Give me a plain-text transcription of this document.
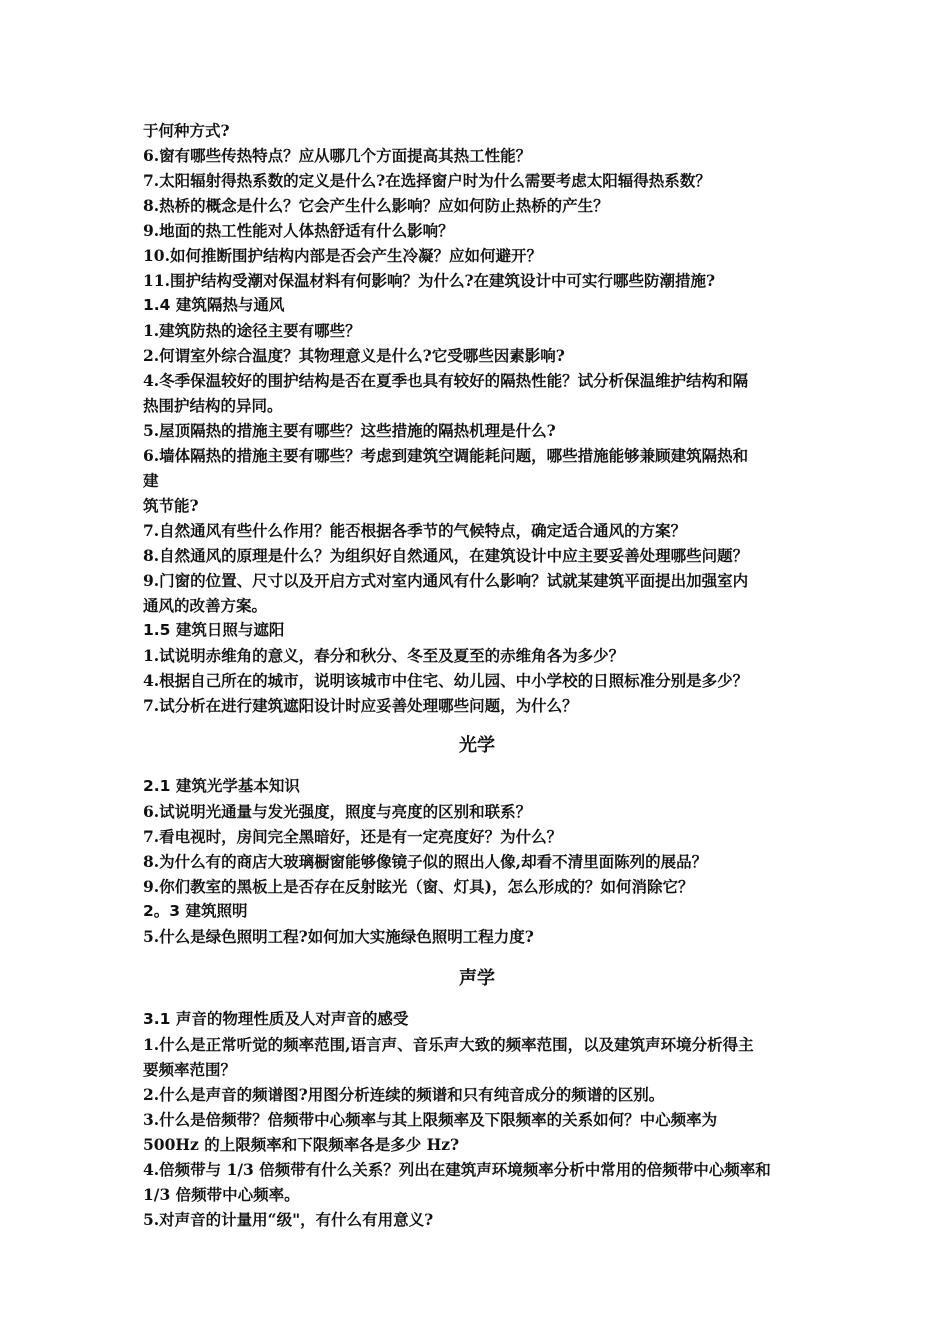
于何种方式?
6.窗有哪些传热特点？应从哪几个方面提高其热工性能？
7.太阳辐射得热系数的定义是什么?在选择窗户时为什么需要考虑太阳辐得热系数？
8.热桥的概念是什么？它会产生什么影响？应如何防止热桥的产生？
9.地面的热工性能对人体热舒适有什么影响？
10.如何推断围护结构内部是否会产生冷凝？应如何避开？
11.围护结构受潮对保温材料有何影响？为什么?在建筑设计中可实行哪些防潮措施?
1.4 建筑隔热与通风
1.建筑防热的途径主要有哪些？
2.何谓室外综合温度？其物理意义是什么?它受哪些因素影响?
4.冬季保温较好的围护结构是否在夏季也具有较好的隔热性能？试分析保温维护结构和隔
热围护结构的异同。
5.屋顶隔热的措施主要有哪些？这些措施的隔热机理是什么?
6.墙体隔热的措施主要有哪些？考虑到建筑空调能耗问题，哪些措施能够兼顾建筑隔热和
建
筑节能?
7.自然通风有些什么作用？能否根据各季节的气候特点，确定适合通风的方案？
8.自然通风的原理是什么？为组织好自然通风，在建筑设计中应主要妥善处理哪些问题？
9.门窗的位置、尺寸以及开启方式对室内通风有什么影响？试就某建筑平面提出加强室内
通风的改善方案。
1.5 建筑日照与遮阳
1.试说明赤维角的意义，春分和秋分、冬至及夏至的赤维角各为多少？
4.根据自己所在的城市，说明该城市中住宅、幼儿园、中小学校的日照标准分别是多少？
7.试分析在进行建筑遮阳设计时应妥善处理哪些问题，为什么？
光学
2.1 建筑光学基本知识
6.试说明光通量与发光强度，照度与亮度的区别和联系？
7.看电视时，房间完全黑暗好，还是有一定亮度好？为什么？
8.为什么有的商店大玻璃橱窗能够像镜子似的照出人像,却看不清里面陈列的展品？
9.你们教室的黑板上是否存在反射眩光（窗、灯具)，怎么形成的？如何消除它？
2。3 建筑照明
5.什么是绿色照明工程?如何加大实施绿色照明工程力度?
声学
3.1 声音的物理性质及人对声音的感受
1.什么是正常听觉的频率范围,语言声、音乐声大致的频率范围，以及建筑声环境分析得主
要频率范围？
2.什么是声音的频谱图?用图分析连续的频谱和只有纯音成分的频谱的区别。
3.什么是倍频带？倍频带中心频率与其上限频率及下限频率的关系如何？中心频率为
500Hz 的上限频率和下限频率各是多少 Hz?
4.倍频带与 1/3 倍频带有什么关系？列出在建筑声环境频率分析中常用的倍频带中心频率和
1/3 倍频带中心频率。
5.对声音的计量用“级"，有什么有用意义?
